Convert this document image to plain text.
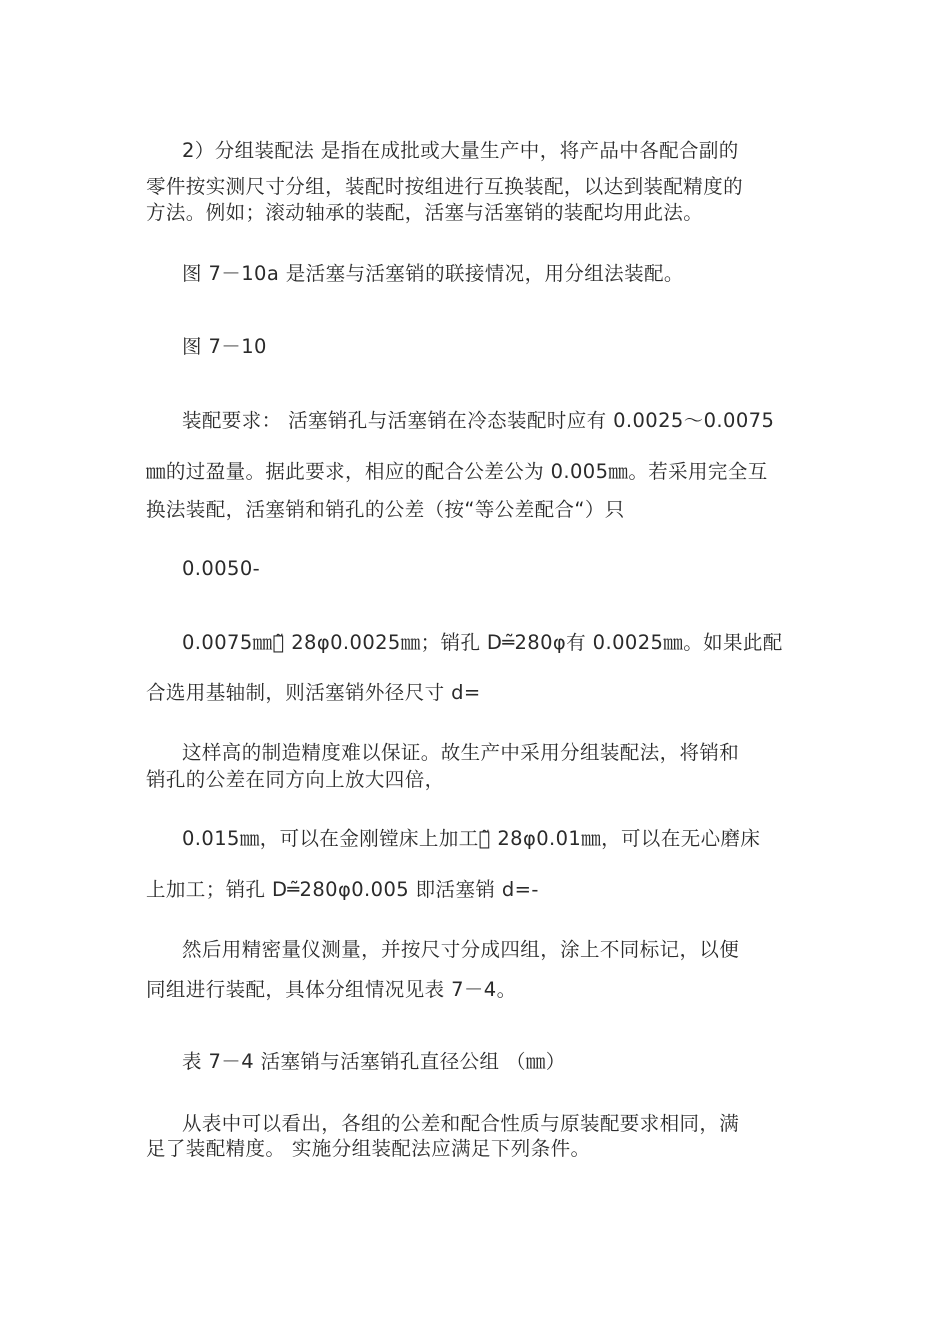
2）分组装配法 是指在成批或大量生产中，将产品中各配合副的
零件按实测尺寸分组，装配时按组进行互换装配，以达到装配精度的
方法。例如；滚动轴承的装配，活塞与活塞销的装配均用此法。
图 7－10a 是活塞与活塞销的联接情况，用分组法装配。
图 7－10
装配要求： 活塞销孔与活塞销在冷态装配时应有 0.0025～0.0075
㎜的过盈量。据此要求，相应的配合公差公为 0.005㎜。若采用完全互
换法装配，活塞销和销孔的公差（按“等公差配合“）只
0.0050-
0.0075㎜，̃ 28φ0.0025㎜；销孔 D═̃280φ有 0.0025㎜。如果此配
合选用基轴制，则活塞销外径尺寸 d=
这样高的制造精度难以保证。故生产中采用分组装配法，将销和
销孔的公差在同方向上放大四倍，
0.015㎜，可以在金刚镗床上加工。̃ 28φ0.01㎜，可以在无心磨床
上加工；销孔 D═̃280φ0.005 即活塞销 d=-
然后用精密量仪测量，并按尺寸分成四组，涂上不同标记，以便
同组进行装配，具体分组情况见表 7－4。
表 7－4 活塞销与活塞销孔直径公组 （㎜）
从表中可以看出，各组的公差和配合性质与原装配要求相同，满
足了装配精度。 实施分组装配法应满足下列条件。
